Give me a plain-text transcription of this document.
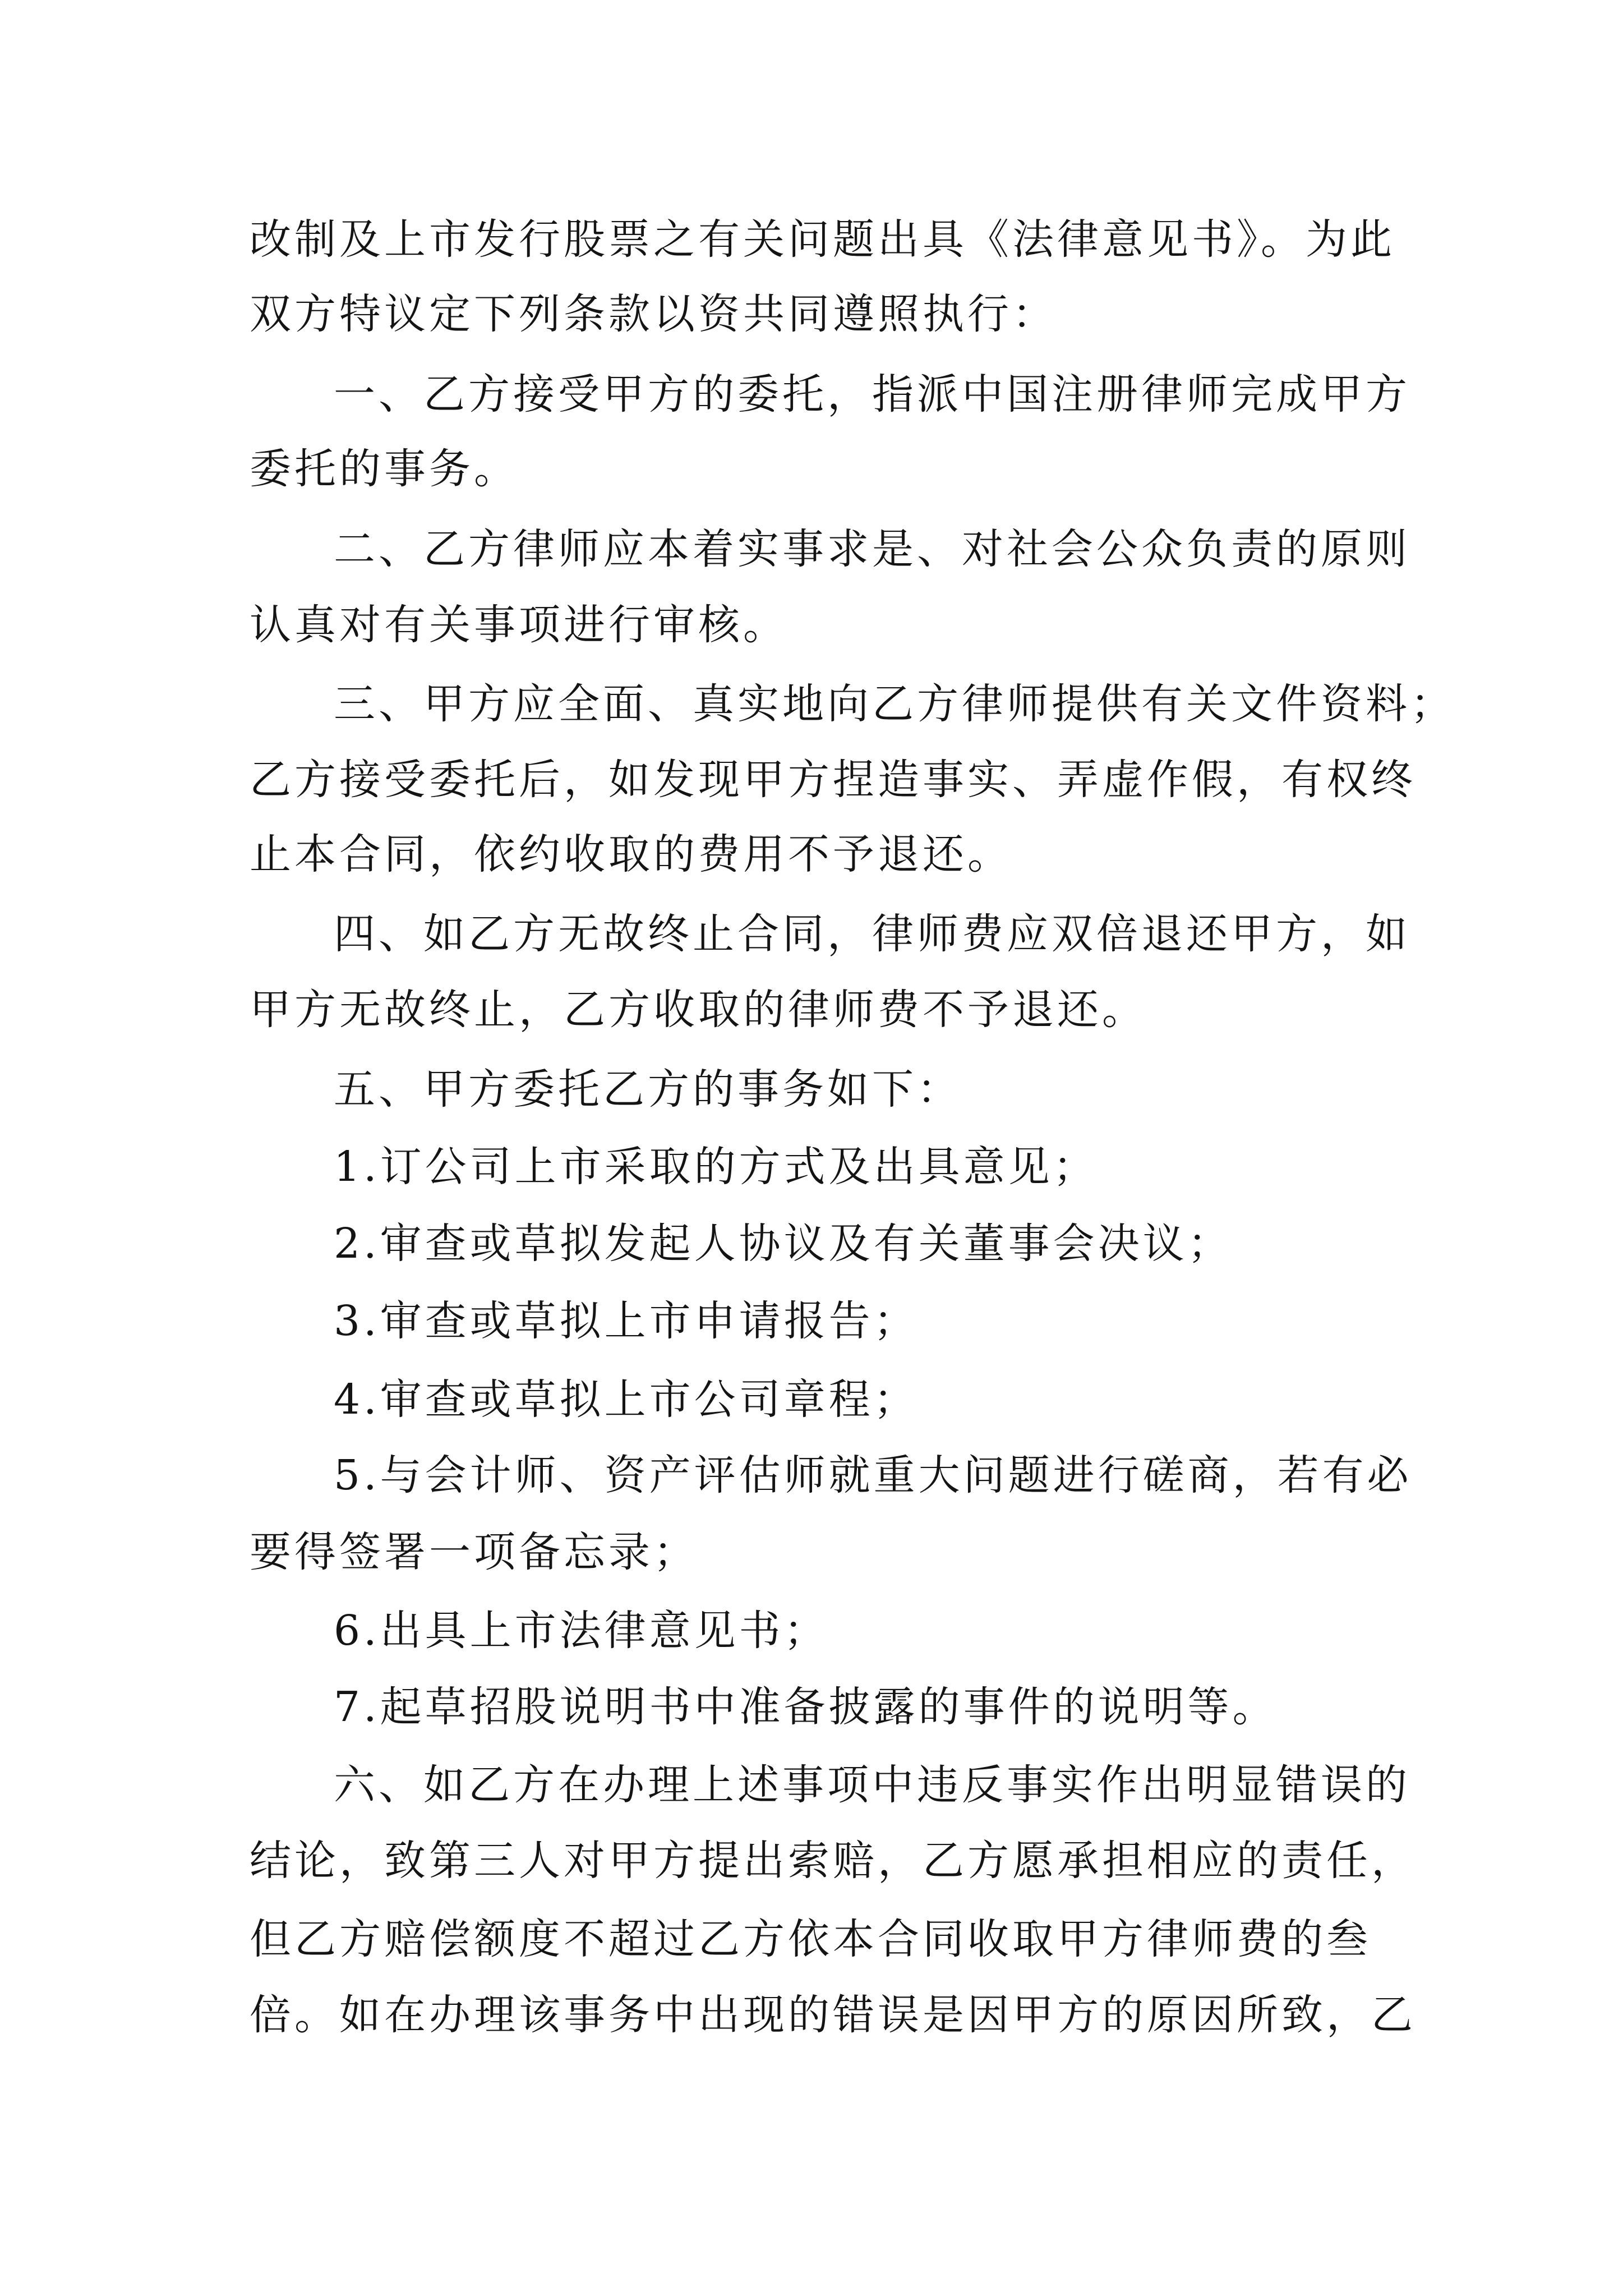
改制及上市发行股票之有关问题出具《法律意见书》。为此
双方特议定下列条款以资共同遵照执行：
一、乙方接受甲方的委托，指派中国注册律师完成甲方
委托的事务。
二、乙方律师应本着实事求是、对社会公众负责的原则
认真对有关事项进行审核。
三、甲方应全面、真实地向乙方律师提供有关文件资料；
乙方接受委托后，如发现甲方捏造事实、弄虚作假，有权终
止本合同，依约收取的费用不予退还。
四、如乙方无故终止合同，律师费应双倍退还甲方，如
甲方无故终止，乙方收取的律师费不予退还。
五、甲方委托乙方的事务如下：
1.订公司上市采取的方式及出具意见；
2.审查或草拟发起人协议及有关董事会决议；
3.审查或草拟上市申请报告；
4.审查或草拟上市公司章程；
5.与会计师、资产评估师就重大问题进行磋商，若有必
要得签署一项备忘录；
6.出具上市法律意见书；
7.起草招股说明书中准备披露的事件的说明等。
六、如乙方在办理上述事项中违反事实作出明显错误的
结论，致第三人对甲方提出索赔，乙方愿承担相应的责任，
但乙方赔偿额度不超过乙方依本合同收取甲方律师费的叁
倍。如在办理该事务中出现的错误是因甲方的原因所致，乙
